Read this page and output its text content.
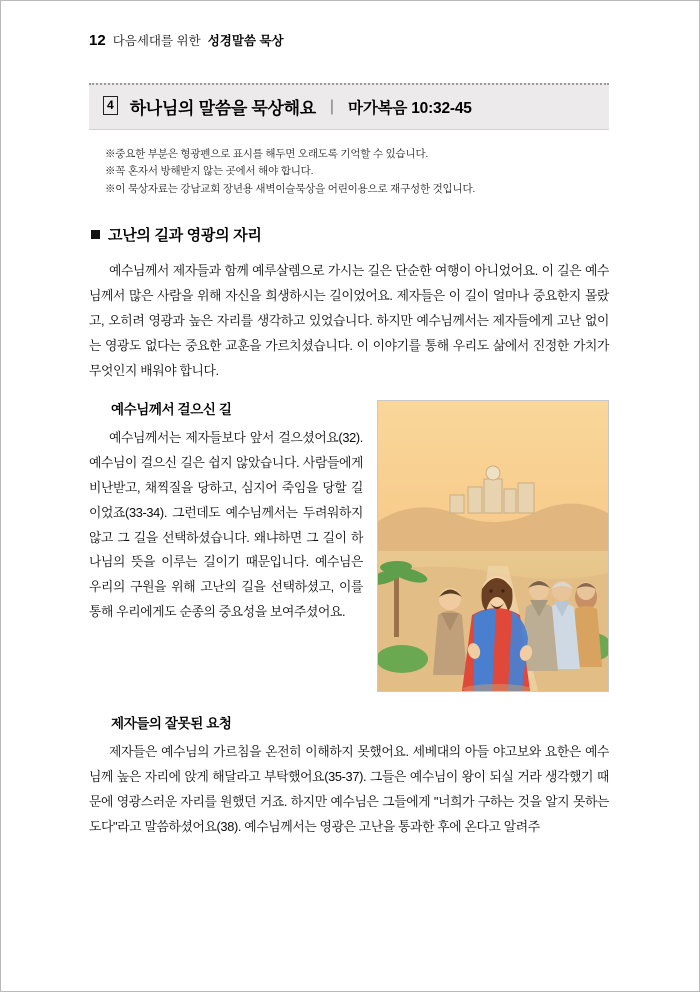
12 다음세대를 위한 성경말씀 묵상
4 하나님의 말씀을 묵상해요 | 마가복음 10:32-45
※중요한 부분은 형광펜으로 표시를 해두면 오래도록 기억할 수 있습니다.
※꼭 혼자서 방해받지 않는 곳에서 해야 합니다.
※이 묵상자료는 강남교회 장년용 새벽이슬묵상을 어린이용으로 재구성한 것입니다.
고난의 길과 영광의 자리

예수님께서 제자들과 함께 예루살렘으로 가시는 길은 단순한 여행이 아니었어요. 이 길은 예수님께서 많은 사람을 위해 자신을 희생하시는 길이었어요. 제자들은 이 길이 얼마나 중요한지 몰랐고, 오히려 영광과 높은 자리를 생각하고 있었습니다. 하지만 예수님께서는 제자들에게 고난 없이는 영광도 없다는 중요한 교훈을 가르치셨습니다. 이 이야기를 통해 우리도 삶에서 진정한 가치가 무엇인지 배워야 합니다.

예수님께서 걸으신 길

예수님께서는 제자들보다 앞서 걸으셨어요(32). 예수님이 걸으신 길은 쉽지 않았습니다. 사람들에게 비난받고, 채찍질을 당하고, 심지어 죽임을 당할 길이었죠(33-34). 그런데도 예수님께서는 두려워하지 않고 그 길을 선택하셨습니다. 왜냐하면 그 길이 하나님의 뜻을 이루는 길이기 때문입니다. 예수님은 우리의 구원을 위해 고난의 길을 선택하셨고, 이를 통해 우리에게도 순종의 중요성을 보여주셨어요.

제자들의 잘못된 요청

제자들은 예수님의 가르침을 온전히 이해하지 못했어요. 세베대의 아들 야고보와 요한은 예수님께 높은 자리에 앉게 해달라고 부탁했어요(35-37). 그들은 예수님이 왕이 되실 거라 생각했기 때문에 영광스러운 자리를 원했던 거죠. 하지만 예수님은 그들에게 "너희가 구하는 것을 알지 못하는도다"라고 말씀하셨어요(38). 예수님께서는 영광은 고난을 통과한 후에 온다고 알려주
